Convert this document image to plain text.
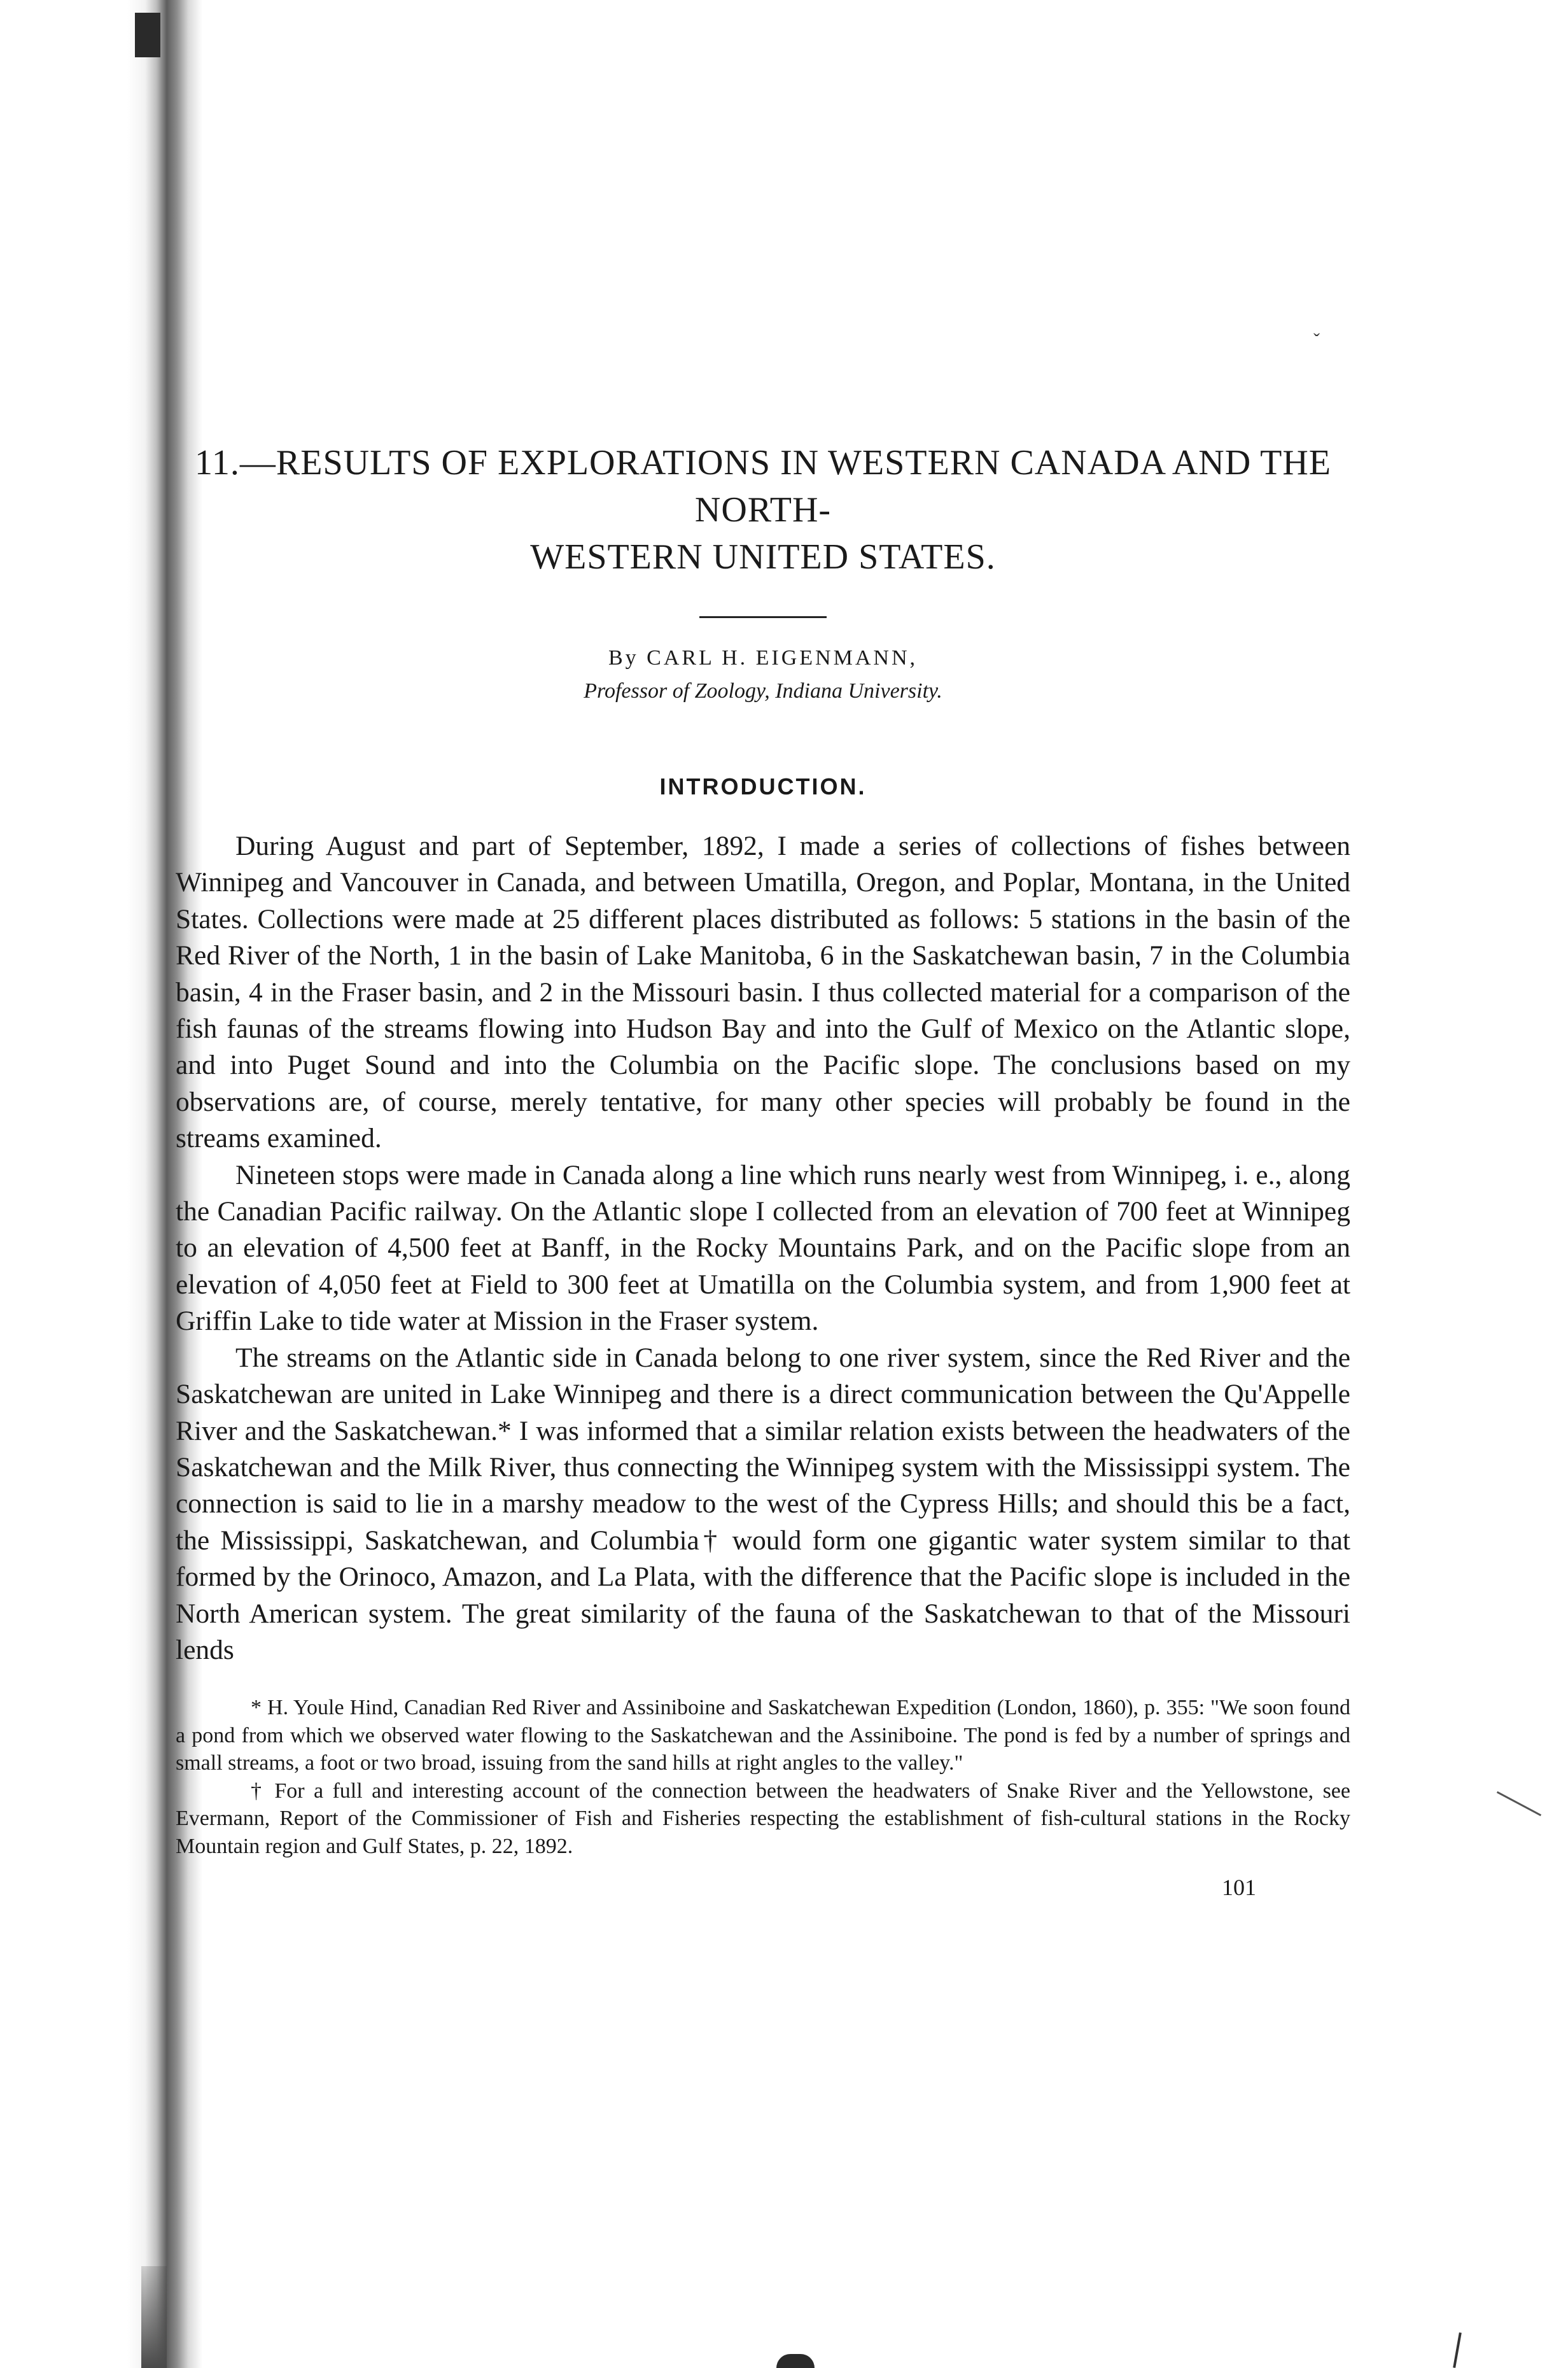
ˇ
11.—RESULTS OF EXPLORATIONS IN WESTERN CANADA AND THE NORTH-
WESTERN UNITED STATES.

By CARL H. EIGENMANN,

Professor of Zoology, Indiana University.

INTRODUCTION.

During August and part of September, 1892, I made a series of collections of fishes between Winnipeg and Vancouver in Canada, and between Umatilla, Oregon, and Poplar, Montana, in the United States. Collections were made at 25 different places distributed as follows: 5 stations in the basin of the Red River of the North, 1 in the basin of Lake Manitoba, 6 in the Saskatchewan basin, 7 in the Columbia basin, 4 in the Fraser basin, and 2 in the Missouri basin. I thus collected material for a comparison of the fish faunas of the streams flowing into Hudson Bay and into the Gulf of Mexico on the Atlantic slope, and into Puget Sound and into the Columbia on the Pacific slope. The conclusions based on my observations are, of course, merely tentative, for many other species will probably be found in the streams examined.

Nineteen stops were made in Canada along a line which runs nearly west from Winnipeg, i. e., along the Canadian Pacific railway. On the Atlantic slope I collected from an elevation of 700 feet at Winnipeg to an elevation of 4,500 feet at Banff, in the Rocky Mountains Park, and on the Pacific slope from an elevation of 4,050 feet at Field to 300 feet at Umatilla on the Columbia system, and from 1,900 feet at Griffin Lake to tide water at Mission in the Fraser system.

The streams on the Atlantic side in Canada belong to one river system, since the Red River and the Saskatchewan are united in Lake Winnipeg and there is a direct communication between the Qu'Appelle River and the Saskatchewan.* I was informed that a similar relation exists between the headwaters of the Saskatchewan and the Milk River, thus connecting the Winnipeg system with the Mississippi system. The connection is said to lie in a marshy meadow to the west of the Cypress Hills; and should this be a fact, the Mississippi, Saskatchewan, and Columbia† would form one gigantic water system similar to that formed by the Orinoco, Amazon, and La Plata, with the difference that the Pacific slope is included in the North American system. The great similarity of the fauna of the Saskatchewan to that of the Missouri lends

* H. Youle Hind, Canadian Red River and Assiniboine and Saskatchewan Expedition (London, 1860), p. 355: "We soon found a pond from which we observed water flowing to the Saskatchewan and the Assiniboine. The pond is fed by a number of springs and small streams, a foot or two broad, issuing from the sand hills at right angles to the valley."

† For a full and interesting account of the connection between the headwaters of Snake River and the Yellowstone, see Evermann, Report of the Commissioner of Fish and Fisheries respecting the establishment of fish-cultural stations in the Rocky Mountain region and Gulf States, p. 22, 1892.

101
